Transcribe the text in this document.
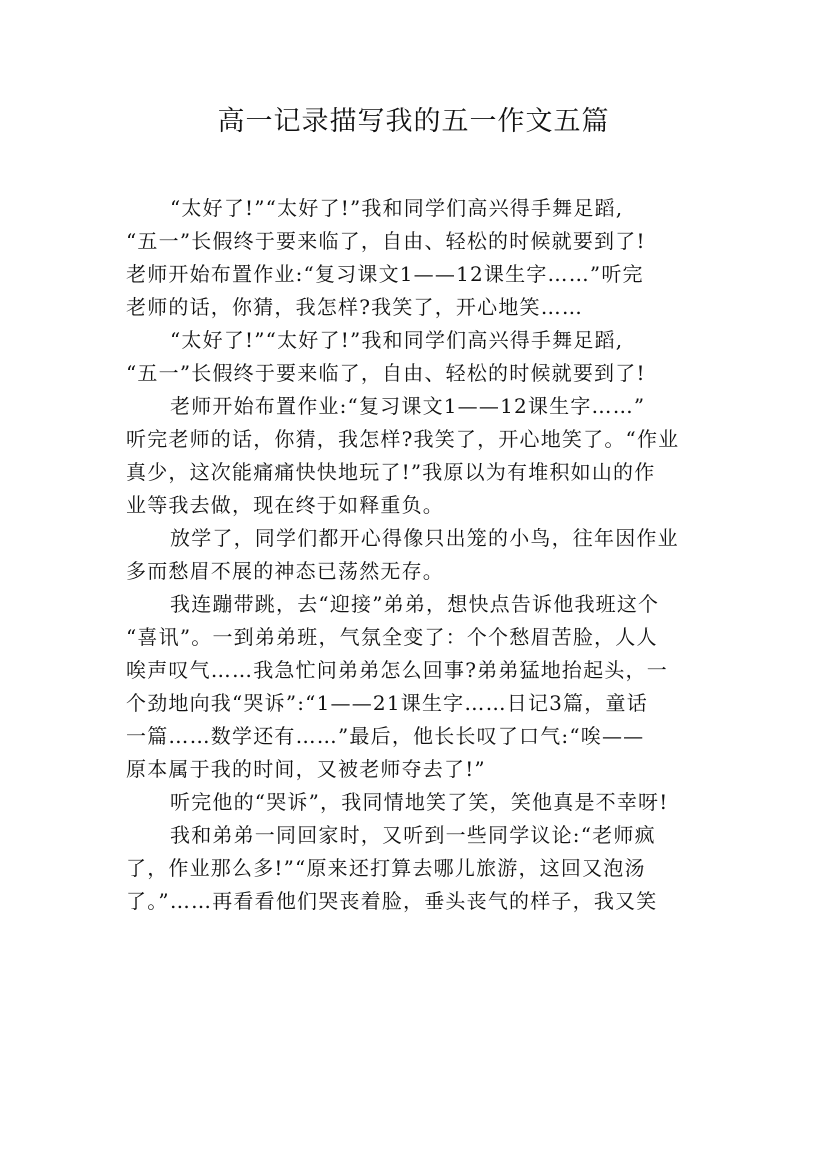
高一记录描写我的五一作文五篇

“太好了!”“太好了!”我和同学们高兴得手舞足蹈,
“五一”长假终于要来临了，自由、轻松的时候就要到了!
老师开始布置作业:“复习课文1——12课生字……”听完
老师的话，你猜，我怎样?我笑了，开心地笑……

“太好了!”“太好了!”我和同学们高兴得手舞足蹈,
“五一”长假终于要来临了，自由、轻松的时候就要到了!

老师开始布置作业:“复习课文1——12课生字……”
听完老师的话，你猜，我怎样?我笑了，开心地笑了。“作业
真少，这次能痛痛快快地玩了!”我原以为有堆积如山的作
业等我去做，现在终于如释重负。

放学了，同学们都开心得像只出笼的小鸟，往年因作业
多而愁眉不展的神态已荡然无存。

我连蹦带跳，去“迎接”弟弟，想快点告诉他我班这个
“喜讯”。一到弟弟班，气氛全变了：个个愁眉苦脸，人人
唉声叹气……我急忙问弟弟怎么回事?弟弟猛地抬起头，一
个劲地向我“哭诉”:“1——21课生字……日记3篇，童话
一篇……数学还有……”最后，他长长叹了口气:“唉——
原本属于我的时间，又被老师夺去了!”

听完他的“哭诉”，我同情地笑了笑，笑他真是不幸呀!

我和弟弟一同回家时，又听到一些同学议论:“老师疯
了，作业那么多!”“原来还打算去哪儿旅游，这回又泡汤
了。”……再看看他们哭丧着脸，垂头丧气的样子，我又笑
